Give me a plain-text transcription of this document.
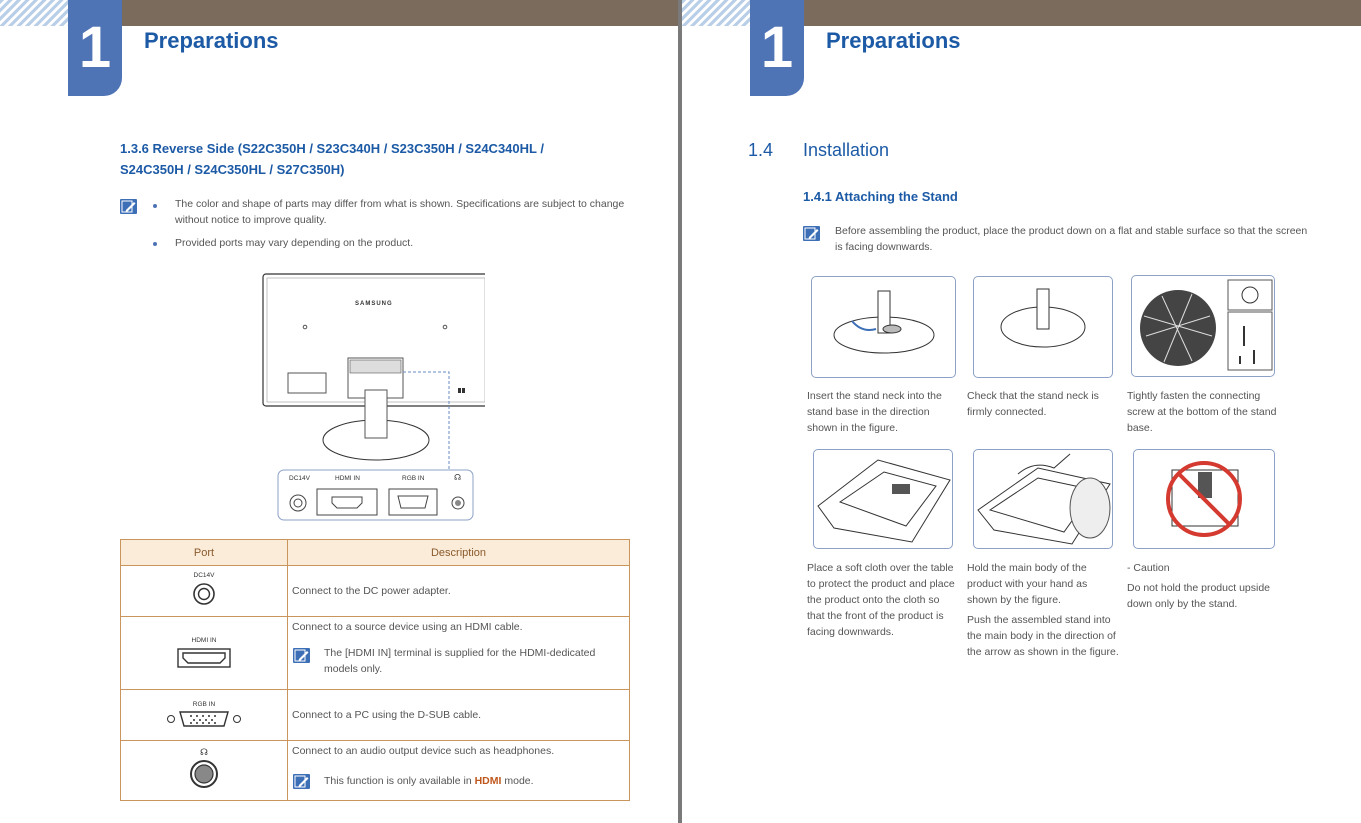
1	Preparations
1.3.6 Reverse Side (S22C350H / S23C340H / S23C350H / S24C340HL /
S24C350H / S24C350HL / S27C350H)
The color and shape of parts may differ from what is shown. Specifications are subject to change without notice to improve quality.
Provided ports may vary depending on the product.
SAMSUNG
DC14V	HDMI IN	RGB IN	☊
Port	Description

DC14V	Connect to the DC power adapter.

HDMI IN	Connect to a source device using an HDMI cable.
The [HDMI IN] terminal is supplied for the HDMI-dedicated models only.

RGB IN	Connect to a PC using the D-SUB cable.

☊	Connect to an audio output device such as headphones.
This function is only available in HDMI mode.
1	Preparations
1.4 Installation
1.4.1 Attaching the Stand
Before assembling the product, place the product down on a flat and stable surface so that the screen is facing downwards.
Insert the stand neck into the stand base in the direction shown in the figure.
Check that the stand neck is firmly connected.
Tightly fasten the connecting screw at the bottom of the stand base.
Place a soft cloth over the table to protect the product and place the product onto the cloth so that the front of the product is facing downwards.
Hold the main body of the product with your hand as shown by the figure.
Push the assembled stand into the main body in the direction of the arrow as shown in the figure.
- Caution
Do not hold the product upside down only by the stand.
